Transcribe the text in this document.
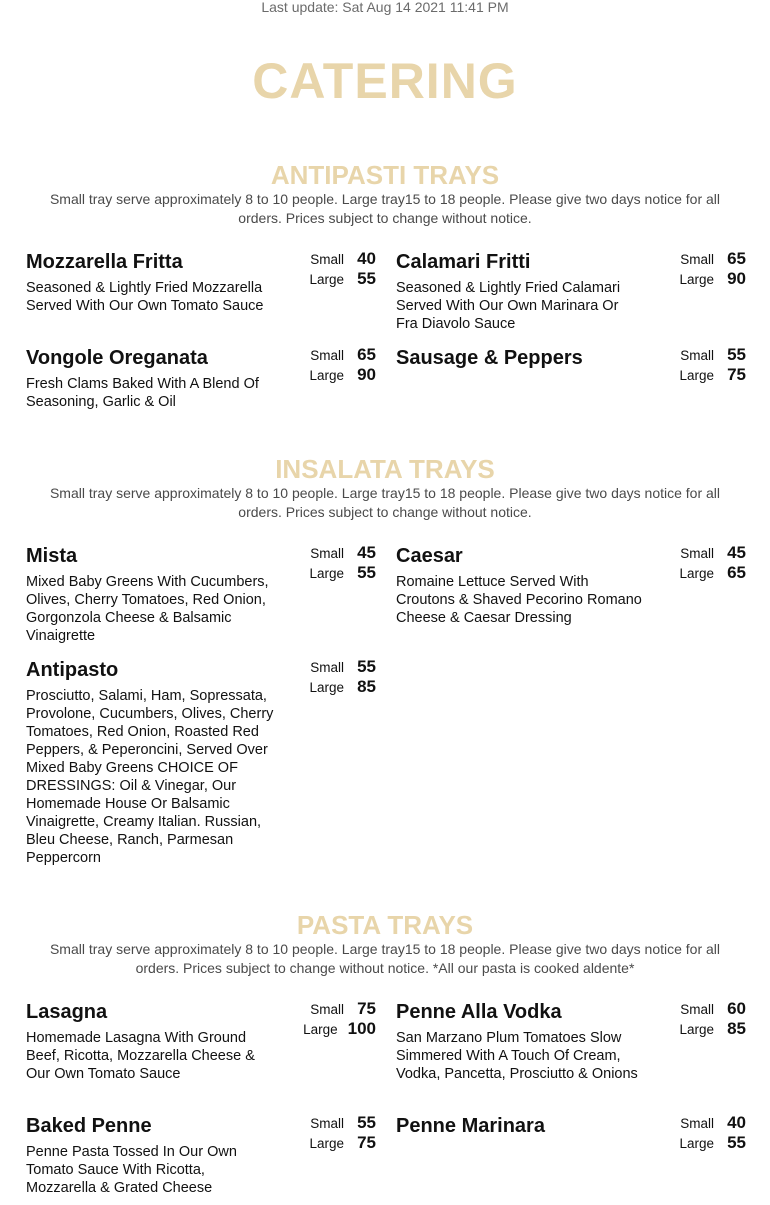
Last update: Sat Aug 14 2021 11:41 PM
CATERING
ANTIPASTI TRAYS
Small tray serve approximately 8 to 10 people. Large tray15 to 18 people. Please give two days notice for all orders. Prices subject to change without notice.
Mozzarella Fritta
Seasoned & Lightly Fried Mozzarella Served With Our Own Tomato Sauce
Small 40
Large 55
Calamari Fritti
Seasoned & Lightly Fried Calamari Served With Our Own Marinara Or Fra Diavolo Sauce
Small 65
Large 90
Vongole Oreganata
Fresh Clams Baked With A Blend Of Seasoning, Garlic & Oil
Small 65
Large 90
Sausage & Peppers	Small 55
Large 75
INSALATA TRAYS
Small tray serve approximately 8 to 10 people. Large tray15 to 18 people. Please give two days notice for all orders. Prices subject to change without notice.
Mista
Mixed Baby Greens With Cucumbers, Olives, Cherry Tomatoes, Red Onion, Gorgonzola Cheese & Balsamic Vinaigrette
Small 45
Large 55
Caesar
Romaine Lettuce Served With Croutons & Shaved Pecorino Romano Cheese & Caesar Dressing
Small 45
Large 65
Antipasto
Prosciutto, Salami, Ham, Sopressata, Provolone, Cucumbers, Olives, Cherry Tomatoes, Red Onion, Roasted Red Peppers, & Peperoncini, Served Over Mixed Baby Greens CHOICE OF DRESSINGS: Oil & Vinegar, Our Homemade House Or Balsamic Vinaigrette, Creamy Italian. Russian, Bleu Cheese, Ranch, Parmesan Peppercorn
Small 55
Large 85
PASTA TRAYS
Small tray serve approximately 8 to 10 people. Large tray15 to 18 people. Please give two days notice for all orders. Prices subject to change without notice. *All our pasta is cooked aldente*
Lasagna
Homemade Lasagna With Ground Beef, Ricotta, Mozzarella Cheese & Our Own Tomato Sauce
Small 75
Large 100
Penne Alla Vodka
San Marzano Plum Tomatoes Slow Simmered With A Touch Of Cream, Vodka, Pancetta, Prosciutto & Onions
Small 60
Large 85
Baked Penne
Penne Pasta Tossed In Our Own Tomato Sauce With Ricotta, Mozzarella & Grated Cheese
Small 55
Large 75
Penne Marinara	Small 40
Large 55
